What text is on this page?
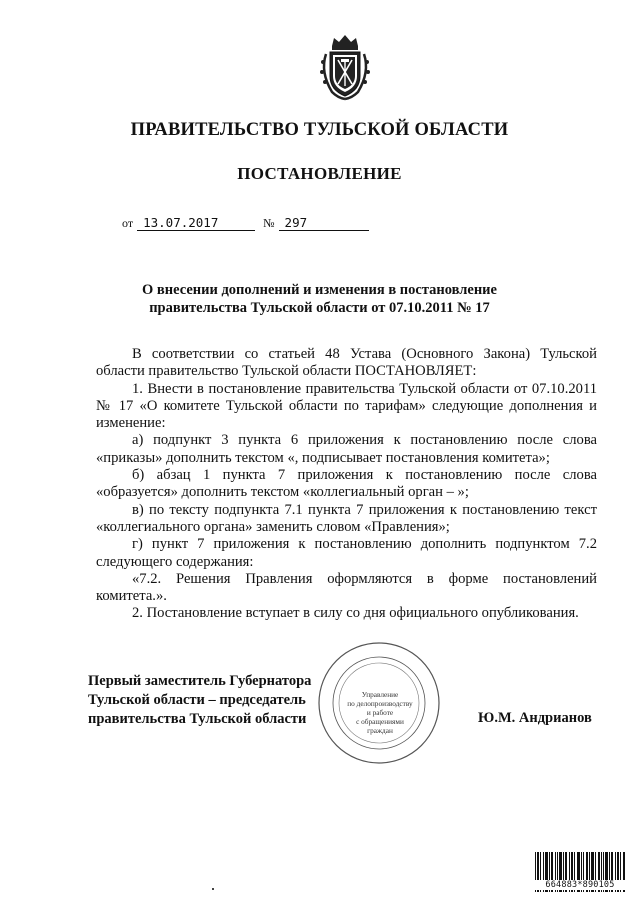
ПРАВИТЕЛЬСТВО ТУЛЬСКОЙ ОБЛАСТИ
ПОСТАНОВЛЕНИЕ
от 13.07.2017	№ 297
О внесении дополнений и изменения в постановление
правительства Тульской области от 07.10.2011 № 17

В соответствии со статьей 48 Устава (Основного Закона) Тульской области правительство Тульской области ПОСТАНОВЛЯЕТ:

1. Внести в постановление правительства Тульской области от 07.10.2011 № 17 «О комитете Тульской области по тарифам» следующие дополнения и изменение:

а) подпункт 3 пункта 6 приложения к постановлению после слова «приказы» дополнить текстом «, подписывает постановления комитета»;

б) абзац 1 пункта 7 приложения к постановлению после слова «образуется» дополнить текстом «коллегиальный орган – »;

в) по тексту подпункта 7.1 пункта 7 приложения к постановлению текст «коллегиального органа» заменить словом «Правления»;

г) пункт 7 приложения к постановлению дополнить подпунктом 7.2 следующего содержания:

«7.2. Решения Правления оформляются в форме постановлений комитета.».

2. Постановление вступает в силу со дня официального опубликования.

Управление
по делопроизводству
и работе
с обращениями
граждан
Первый заместитель Губернатора
Тульской области – председатель
правительства Тульской области	Ю.М. Андрианов
664883*890105
